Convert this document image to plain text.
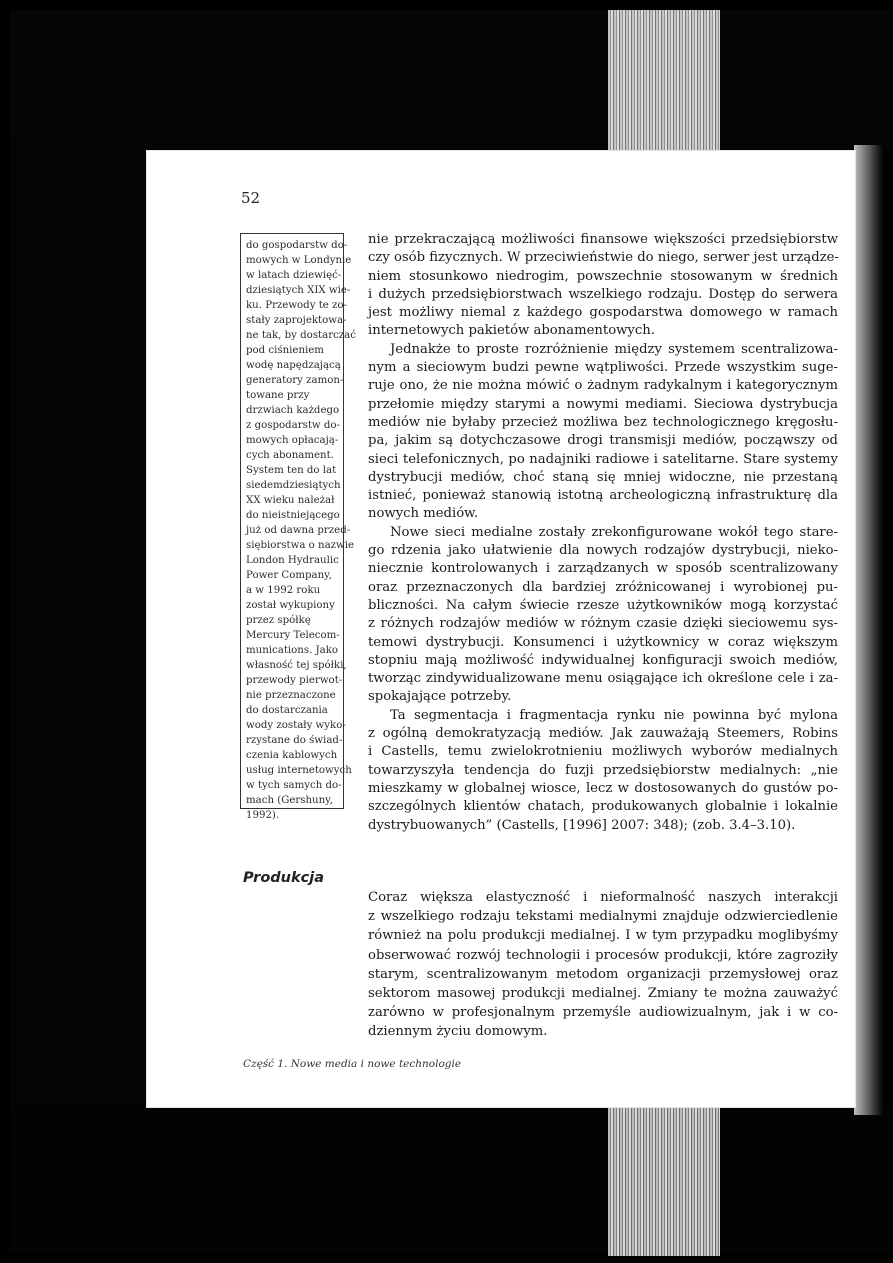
52
do gospodarstw do-
mowych w Londynie
w latach dziewięć-
dziesiątych XIX wie-
ku. Przewody te zo-
stały zaprojektowa-
ne tak, by dostarczać
pod ciśnieniem
wodę napędzającą
generatory zamon-
towane przy
drzwiach każdego
z gospodarstw do-
mowych opłacają-
cych abonament.
System ten do lat
siedemdziesiątych
XX wieku należał
do nieistniejącego
już od dawna przed-
siębiorstwa o nazwie
London Hydraulic
Power Company,
a w 1992 roku
został wykupiony
przez spółkę
Mercury Telecom-
munications. Jako
własność tej spółki,
przewody pierwot-
nie przeznaczone
do dostarczania
wody zostały wyko-
rzystane do świad-
czenia kablowych
usług internetowych
w tych samych do-
mach (Gershuny,
1992).
nie przekraczającą możliwości finansowe większości przedsiębiorstw
czy osób fizycznych. W przeciwieństwie do niego, serwer jest urządze-
niem stosunkowo niedrogim, powszechnie stosowanym w średnich
i dużych przedsiębiorstwach wszelkiego rodzaju. Dostęp do serwera
jest możliwy niemal z każdego gospodarstwa domowego w ramach
internetowych pakietów abonamentowych.
Jednakże to proste rozróżnienie między systemem scentralizowa-
nym a sieciowym budzi pewne wątpliwości. Przede wszystkim suge-
ruje ono, że nie można mówić o żadnym radykalnym i kategorycznym
przełomie między starymi a nowymi mediami. Sieciowa dystrybucja
mediów nie byłaby przecież możliwa bez technologicznego kręgosłu-
pa, jakim są dotychczasowe drogi transmisji mediów, począwszy od
sieci telefonicznych, po nadajniki radiowe i satelitarne. Stare systemy
dystrybucji mediów, choć staną się mniej widoczne, nie przestaną
istnieć, ponieważ stanowią istotną archeologiczną infrastrukturę dla
nowych mediów.
Nowe sieci medialne zostały zrekonfigurowane wokół tego stare-
go rdzenia jako ułatwienie dla nowych rodzajów dystrybucji, nieko-
niecznie kontrolowanych i zarządzanych w sposób scentralizowany
oraz przeznaczonych dla bardziej zróżnicowanej i wyrobionej pu-
bliczności. Na całym świecie rzesze użytkowników mogą korzystać
z różnych rodzajów mediów w różnym czasie dzięki sieciowemu sys-
temowi dystrybucji. Konsumenci i użytkownicy w coraz większym
stopniu mają możliwość indywidualnej konfiguracji swoich mediów,
tworząc zindywidualizowane menu osiągające ich określone cele i za-
spokajające potrzeby.
Ta segmentacja i fragmentacja rynku nie powinna być mylona
z ogólną demokratyzacją mediów. Jak zauważają Steemers, Robins
i Castells, temu zwielokrotnieniu możliwych wyborów medialnych
towarzyszyła tendencja do fuzji przedsiębiorstw medialnych: „nie
mieszkamy w globalnej wiosce, lecz w dostosowanych do gustów po-
szczególnych klientów chatach, produkowanych globalnie i lokalnie
dystrybuowanych” (Castells, [1996] 2007: 348); (zob. 3.4–3.10).
Produkcja
Coraz większa elastyczność i nieformalność naszych interakcji
z wszelkiego rodzaju tekstami medialnymi znajduje odzwierciedlenie
również na polu produkcji medialnej. I w tym przypadku moglibyśmy
obserwować rozwój technologii i procesów produkcji, które zagroziły
starym, scentralizowanym metodom organizacji przemysłowej oraz
sektorom masowej produkcji medialnej. Zmiany te można zauważyć
zarówno w profesjonalnym przemyśle audiowizualnym, jak i w co-
dziennym życiu domowym.
Część 1. Nowe media i nowe technologie
